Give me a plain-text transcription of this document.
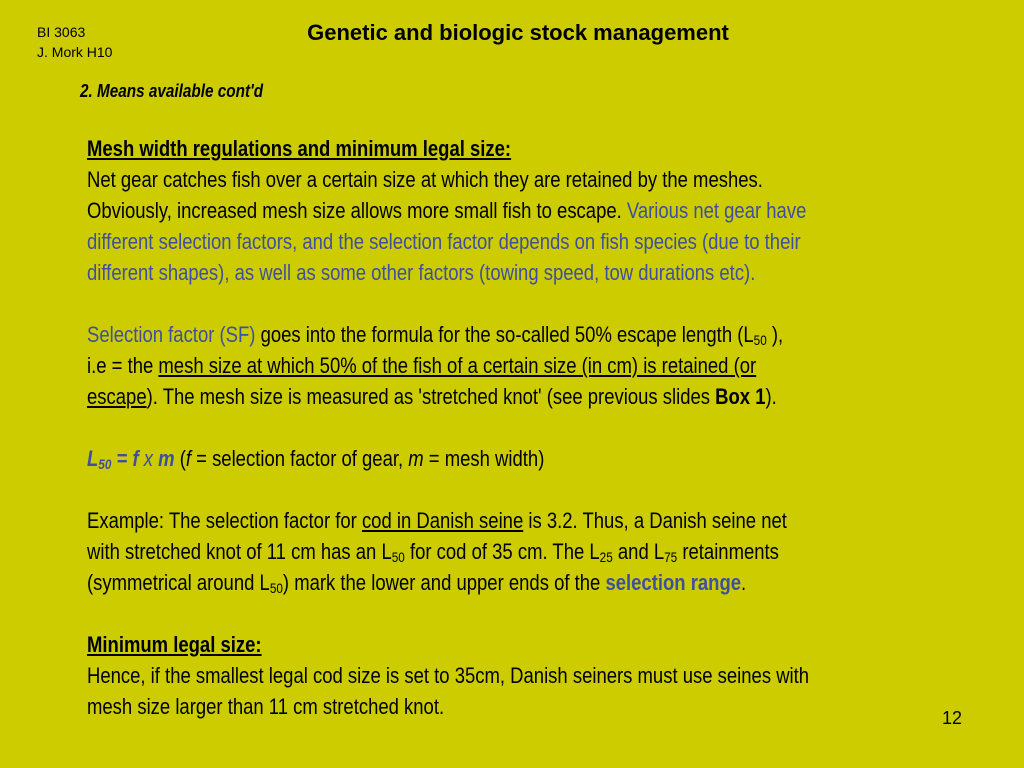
BI 3063
J. Mork H10
Genetic and biologic stock management
2. Means available cont'd

Mesh width regulations and minimum legal size:

Net gear catches fish over a certain size at which they are retained by the meshes.

Obviously, increased mesh size allows more small fish to escape. Various net gear have

different selection factors, and the selection factor depends on fish species (due to their

different shapes), as well as some other factors (towing speed, tow durations etc).

Selection factor (SF) goes into the formula for the so-called 50% escape length ($L_{50}$ ),

i.e = the mesh size at which 50% of the fish of a certain size (in cm) is retained (or

escape). The mesh size is measured as 'stretched knot' (see previous slides Box 1).

$L_{50} = f$ x m (f = selection factor of gear, m = mesh width)

Example: The selection factor for cod in Danish seine is 3.2. Thus, a Danish seine net

with stretched knot of 11 cm has an $L_{50}$ for cod of 35 cm. The $L_{25}$ and $L_{75}$ retainments

(symmetrical around $L_{50}$) mark the lower and upper ends of the selection range.

Minimum legal size:

Hence, if the smallest legal cod size is set to 35cm, Danish seiners must use seines with

mesh size larger than 11 cm stretched knot.	12
